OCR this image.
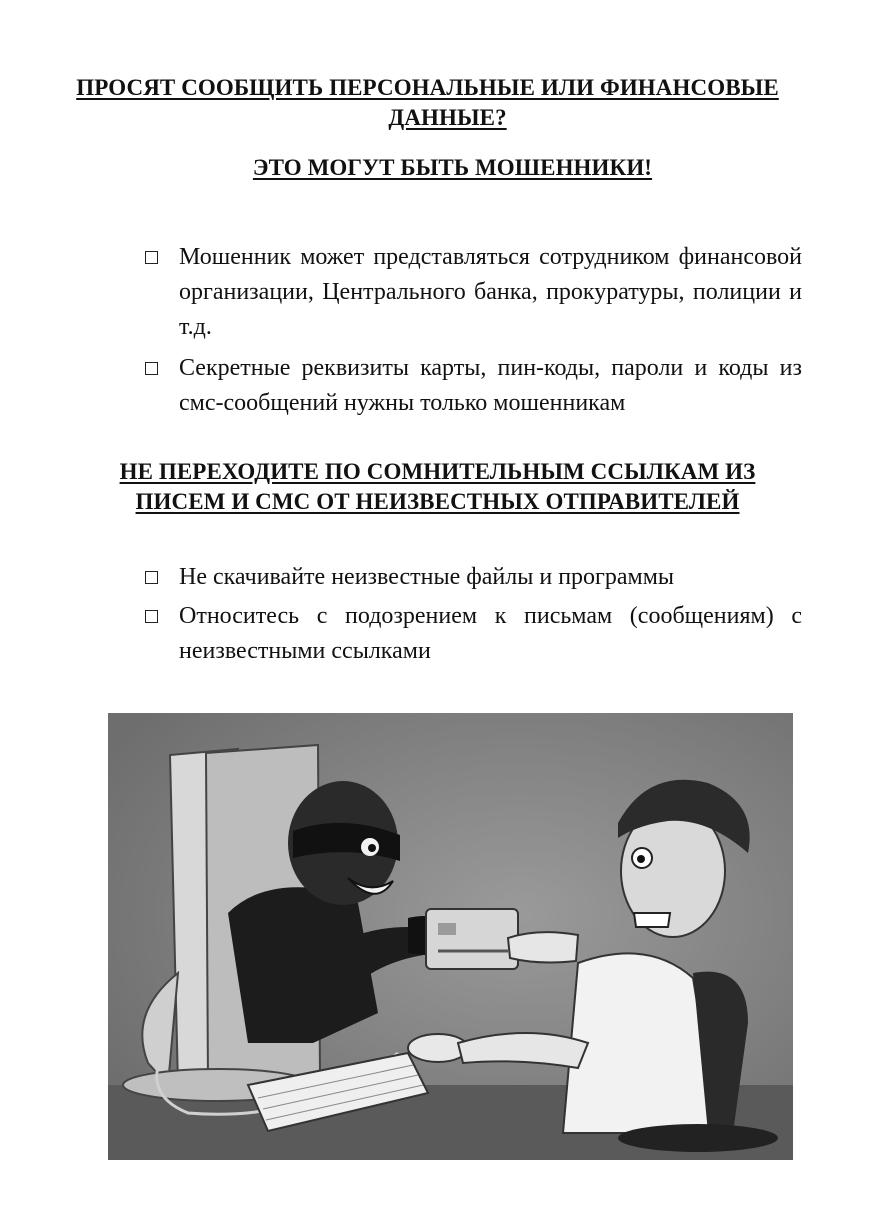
ПРОСЯТ СООБЩИТЬ ПЕРСОНАЛЬНЫЕ ИЛИ ФИНАНСОВЫЕ
ДАННЫЕ?
ЭТО МОГУТ БЫТЬ МОШЕННИКИ!
Мошенник может представляться сотрудником финансовой организации, Центрального банка, прокуратуры, полиции и т.д.
Секретные реквизиты карты, пин-коды, пароли и коды из смс-сообщений нужны только мошенникам
НЕ ПЕРЕХОДИТЕ ПО СОМНИТЕЛЬНЫМ ССЫЛКАМ ИЗ
ПИСЕМ И СМС ОТ НЕИЗВЕСТНЫХ ОТПРАВИТЕЛЕЙ
Не скачивайте неизвестные файлы и программы
Относитесь с подозрением к письмам (сообщениям) с неизвестными ссылками
